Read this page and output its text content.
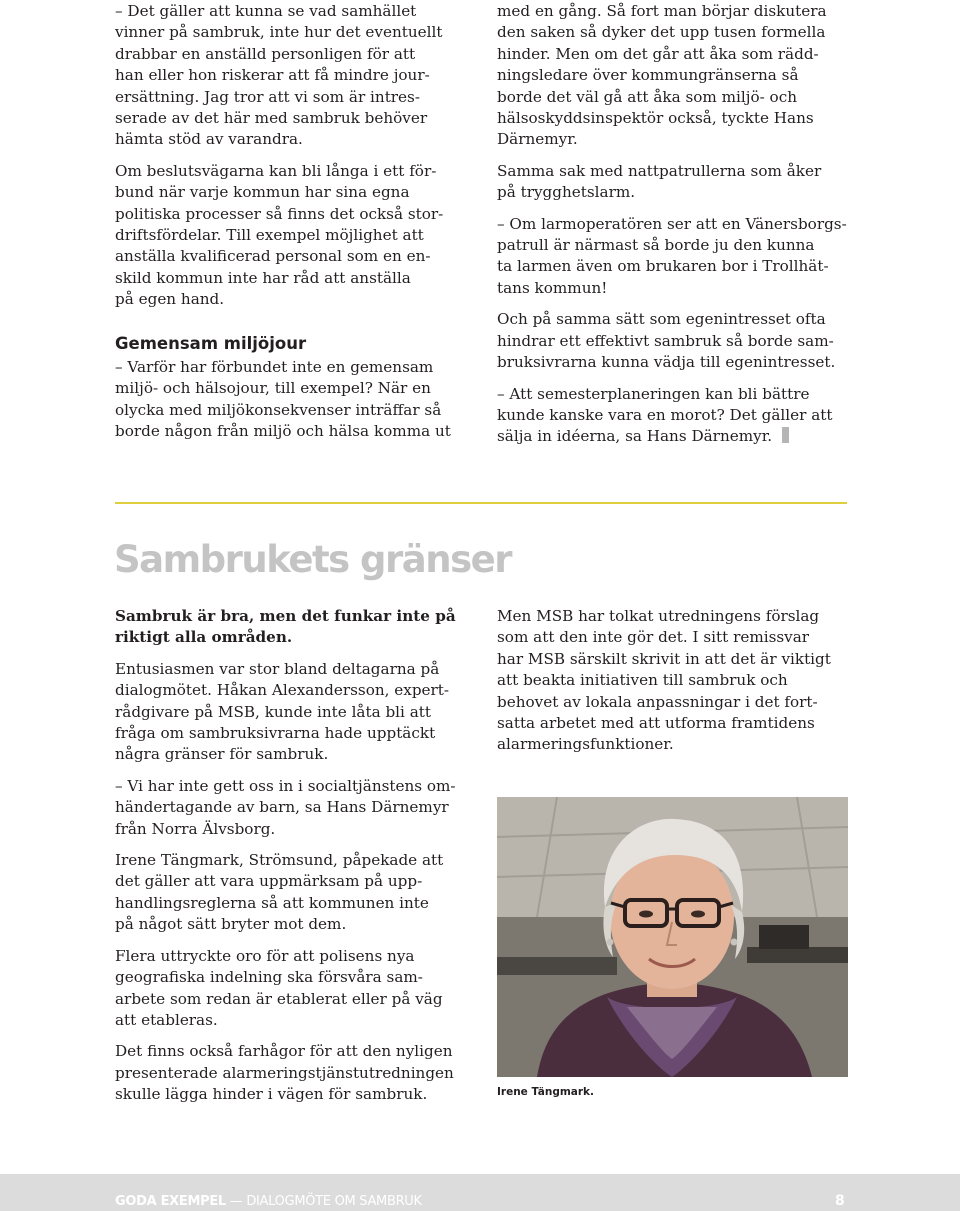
– Det gäller att kunna se vad samhället
vinner på sambruk, inte hur det eventuellt
drabbar en anställd personligen för att
han eller hon riskerar att få mindre jour-
ersättning. Jag tror att vi som är intres-
serade av det här med sambruk behöver
hämta stöd av varandra.

Om beslutsvägarna kan bli långa i ett för-
bund när varje kommun har sina egna
politiska processer så finns det också stor-
driftsfördelar. Till exempel möjlighet att
anställa kvalificerad personal som en en-
skild kommun inte har råd att anställa
på egen hand.

Gemensam miljöjour

– Varför har förbundet inte en gemensam
miljö- och hälsojour, till exempel? När en
olycka med miljökonsekvenser inträffar så
borde någon från miljö och hälsa komma ut

med en gång. Så fort man börjar diskutera
den saken så dyker det upp tusen formella
hinder. Men om det går att åka som rädd-
ningsledare över kommungränserna så
borde det väl gå att åka som miljö- och
hälsoskyddsinspektör också, tyckte Hans
Därnemyr.

Samma sak med nattpatrullerna som åker
på trygghetslarm.

– Om larmoperatören ser att en Vänersborgs-
patrull är närmast så borde ju den kunna
ta larmen även om brukaren bor i Trollhät-
tans kommun!

Och på samma sätt som egenintresset ofta
hindrar ett effektivt sambruk så borde sam-
bruksivrarna kunna vädja till egenintresset.

– Att semesterplaneringen kan bli bättre
kunde kanske vara en morot? Det gäller att
sälja in idéerna, sa Hans Därnemyr.

Sambrukets gränser

Sambruk är bra, men det funkar inte på
riktigt alla områden.

Entusiasmen var stor bland deltagarna på
dialogmötet. Håkan Alexandersson, expert-
rådgivare på MSB, kunde inte låta bli att
fråga om sambruksivrarna hade upptäckt
några gränser för sambruk.

– Vi har inte gett oss in i socialtjänstens om-
händertagande av barn, sa Hans Därnemyr
från Norra Älvsborg.

Irene Tängmark, Strömsund, påpekade att
det gäller att vara uppmärksam på upp-
handlingsreglerna så att kommunen inte
på något sätt bryter mot dem.

Flera uttryckte oro för att polisens nya
geografiska indelning ska försvåra sam-
arbete som redan är etablerat eller på väg
att etableras.

Det finns också farhågor för att den nyligen
presenterade alarmeringstjänstutredningen
skulle lägga hinder i vägen för sambruk.

Men MSB har tolkat utredningens förslag
som att den inte gör det. I sitt remissvar
har MSB särskilt skrivit in att det är viktigt
att beakta initiativen till sambruk och
behovet av lokala anpassningar i det fort-
satta arbetet med att utforma framtidens
alarmeringsfunktioner.

Irene Tängmark.
GODA EXEMPEL — DIALOGMÖTE OM SAMBRUK	8
